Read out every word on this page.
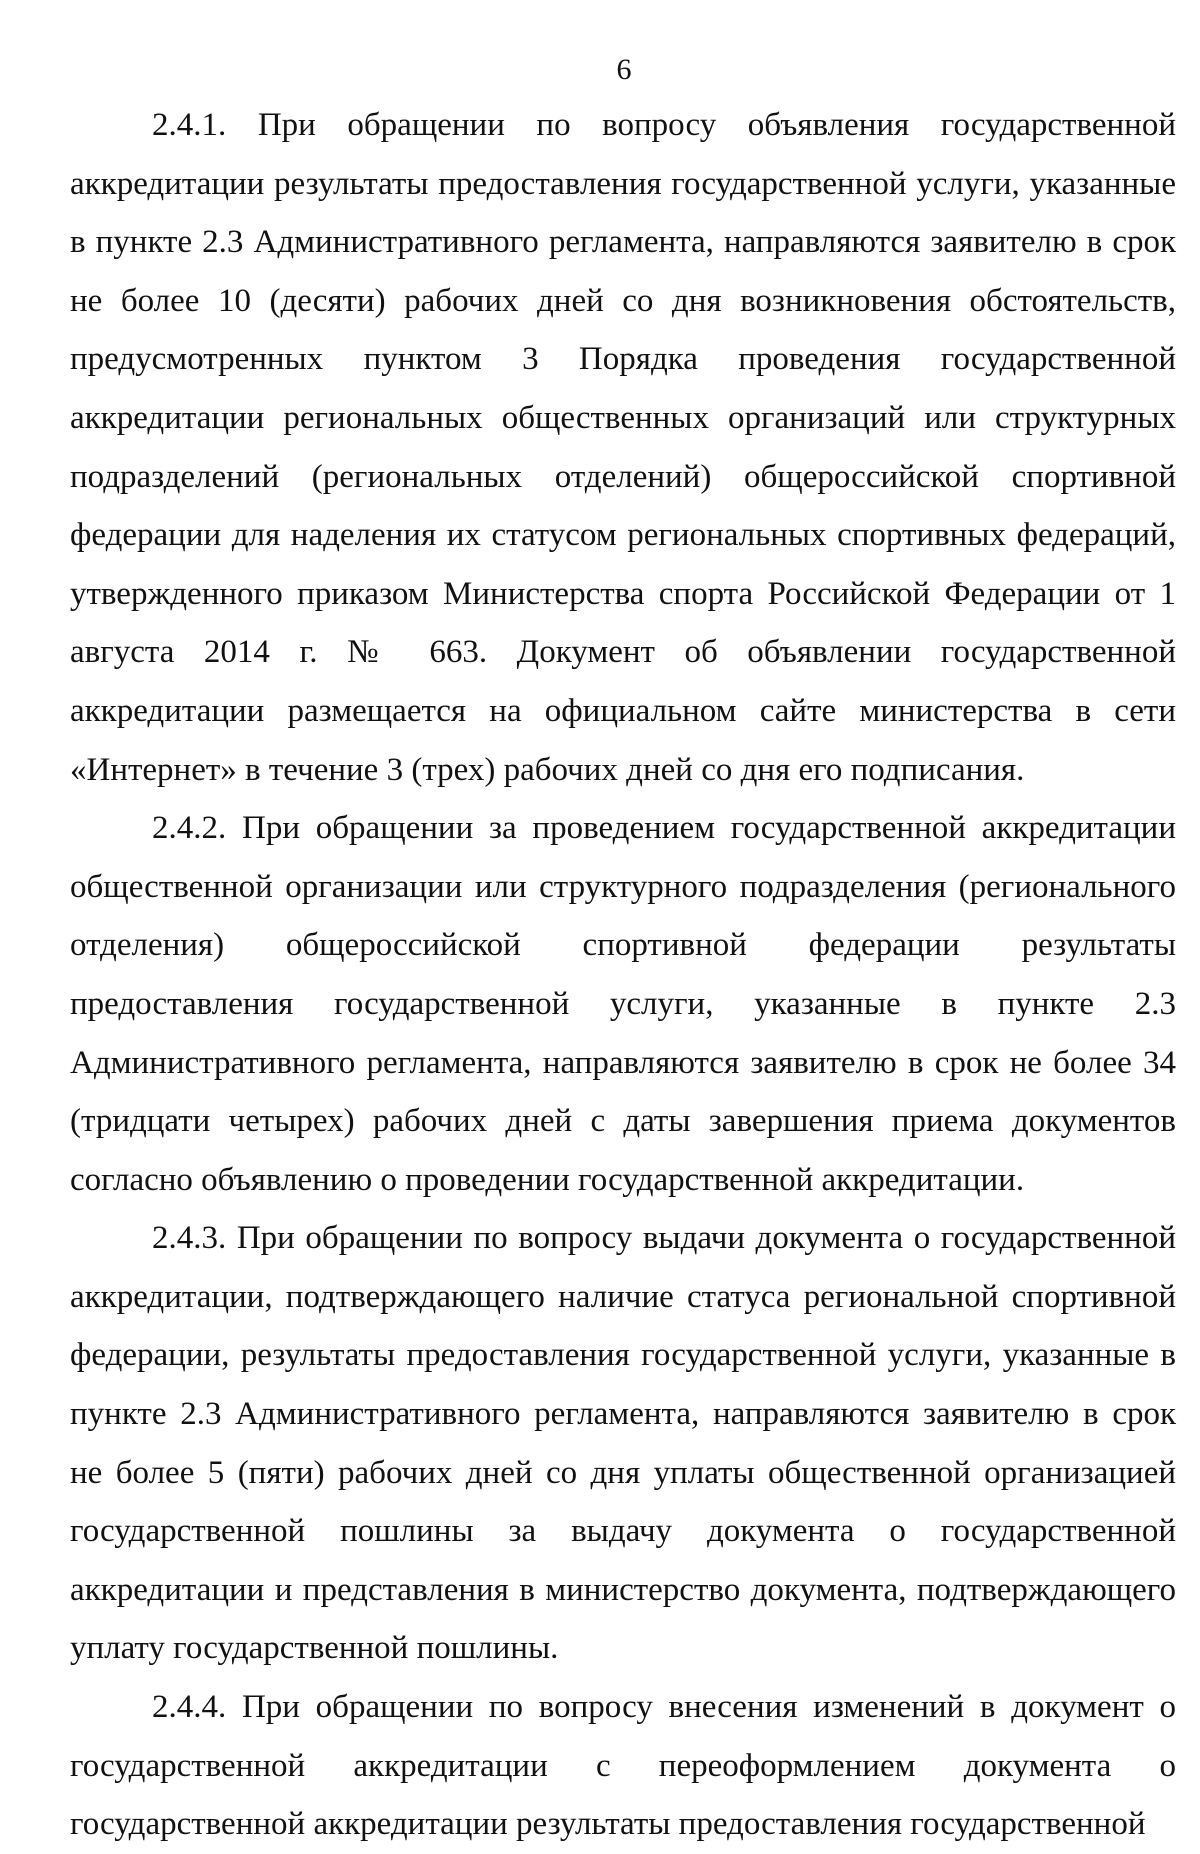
6

2.4.1. При обращении по вопросу объявления государственной аккредитации результаты предоставления государственной услуги, указанные в пункте 2.3 Административного регламента, направляются заявителю в срок не более 10 (десяти) рабочих дней со дня возникновения обстоятельств, предусмотренных пунктом 3 Порядка проведения государственной аккредитации региональных общественных организаций или структурных подразделений (региональных отделений) общероссийской спортивной федерации для наделения их статусом региональных спортивных федераций, утвержденного приказом Министерства спорта Российской Федерации от 1 августа 2014 г. № 663. Документ об объявлении государственной аккредитации размещается на официальном сайте министерства в сети «Интернет» в течение 3 (трех) рабочих дней со дня его подписания.

2.4.2. При обращении за проведением государственной аккредитации общественной организации или структурного подразделения (регионального отделения) общероссийской спортивной федерации результаты предоставления государственной услуги, указанные в пункте 2.3 Административного регламента, направляются заявителю в срок не более 34 (тридцати четырех) рабочих дней с даты завершения приема документов согласно объявлению о проведении государственной аккредитации.

2.4.3. При обращении по вопросу выдачи документа о государственной аккредитации, подтверждающего наличие статуса региональной спортивной федерации, результаты предоставления государственной услуги, указанные в пункте 2.3 Административного регламента, направляются заявителю в срок не более 5 (пяти) рабочих дней со дня уплаты общественной организацией государственной пошлины за выдачу документа о государственной аккредитации и представления в министерство документа, подтверждающего уплату государственной пошлины.

2.4.4. При обращении по вопросу внесения изменений в документ о государственной аккредитации с переоформлением документа о государственной аккредитации результаты предоставления государственной
